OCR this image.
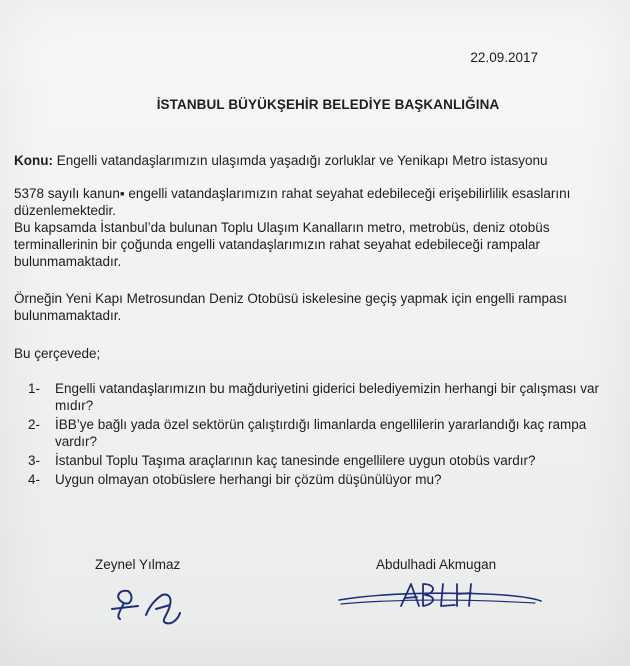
22.09.2017
İSTANBUL BÜYÜKŞEHİR BELEDİYE BAŞKANLIĞINA
Konu: Engelli vatandaşlarımızın ulaşımda yaşadığı zorluklar ve Yenikapı Metro istasyonu

5378 sayılı kanun▪ engelli vatandaşlarımızın rahat seyahat edebileceği erişebilirlilik esaslarını düzenlemektedir.

Bu kapsamda İstanbul’da bulunan Toplu Ulaşım Kanalların metro, metrobüs, deniz otobüs terminallerinin bir çoğunda engelli vatandaşlarımızın rahat seyahat edebileceği rampalar bulunmamaktadır.

Örneğin Yeni Kapı Metrosundan Deniz Otobüsü iskelesine geçiş yapmak için engelli rampası bulunmamaktadır.
Bu çerçevede;
1- Engelli vatandaşlarımızın bu mağduriyetini giderici belediyemizin herhangi bir çalışması var mıdır?
2- İBB’ye bağlı yada özel sektörün çalıştırdığı limanlarda engellilerin yararlandığı kaç rampa vardır?
3- İstanbul Toplu Taşıma araçlarının kaç tanesinde engellilere uygun otobüs vardır?
4- Uygun olmayan otobüslere herhangi bir çözüm düşünülüyor mu?
Zeynel Yılmaz	Abdulhadi Akmugan
